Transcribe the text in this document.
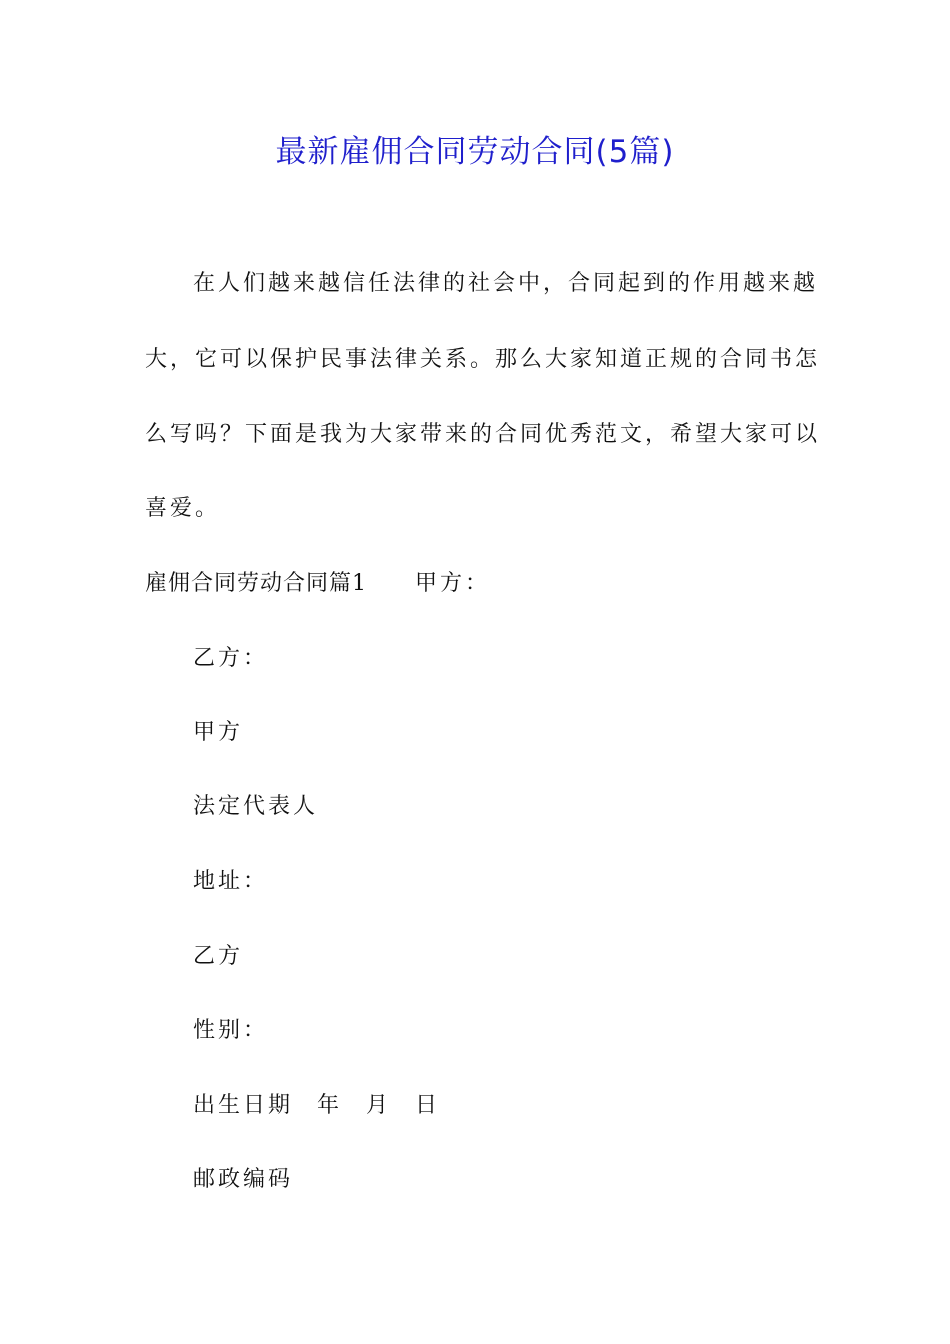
最新雇佣合同劳动合同(5篇)
在人们越来越信任法律的社会中，合同起到的作用越来越
大，它可以保护民事法律关系。那么大家知道正规的合同书怎
么写吗？下面是我为大家带来的合同优秀范文，希望大家可以
喜爱。
雇佣合同劳动合同篇1 甲方：
乙方：
甲方
法定代表人
地址：
乙方
性别：
出生日期 年 月 日
邮政编码
